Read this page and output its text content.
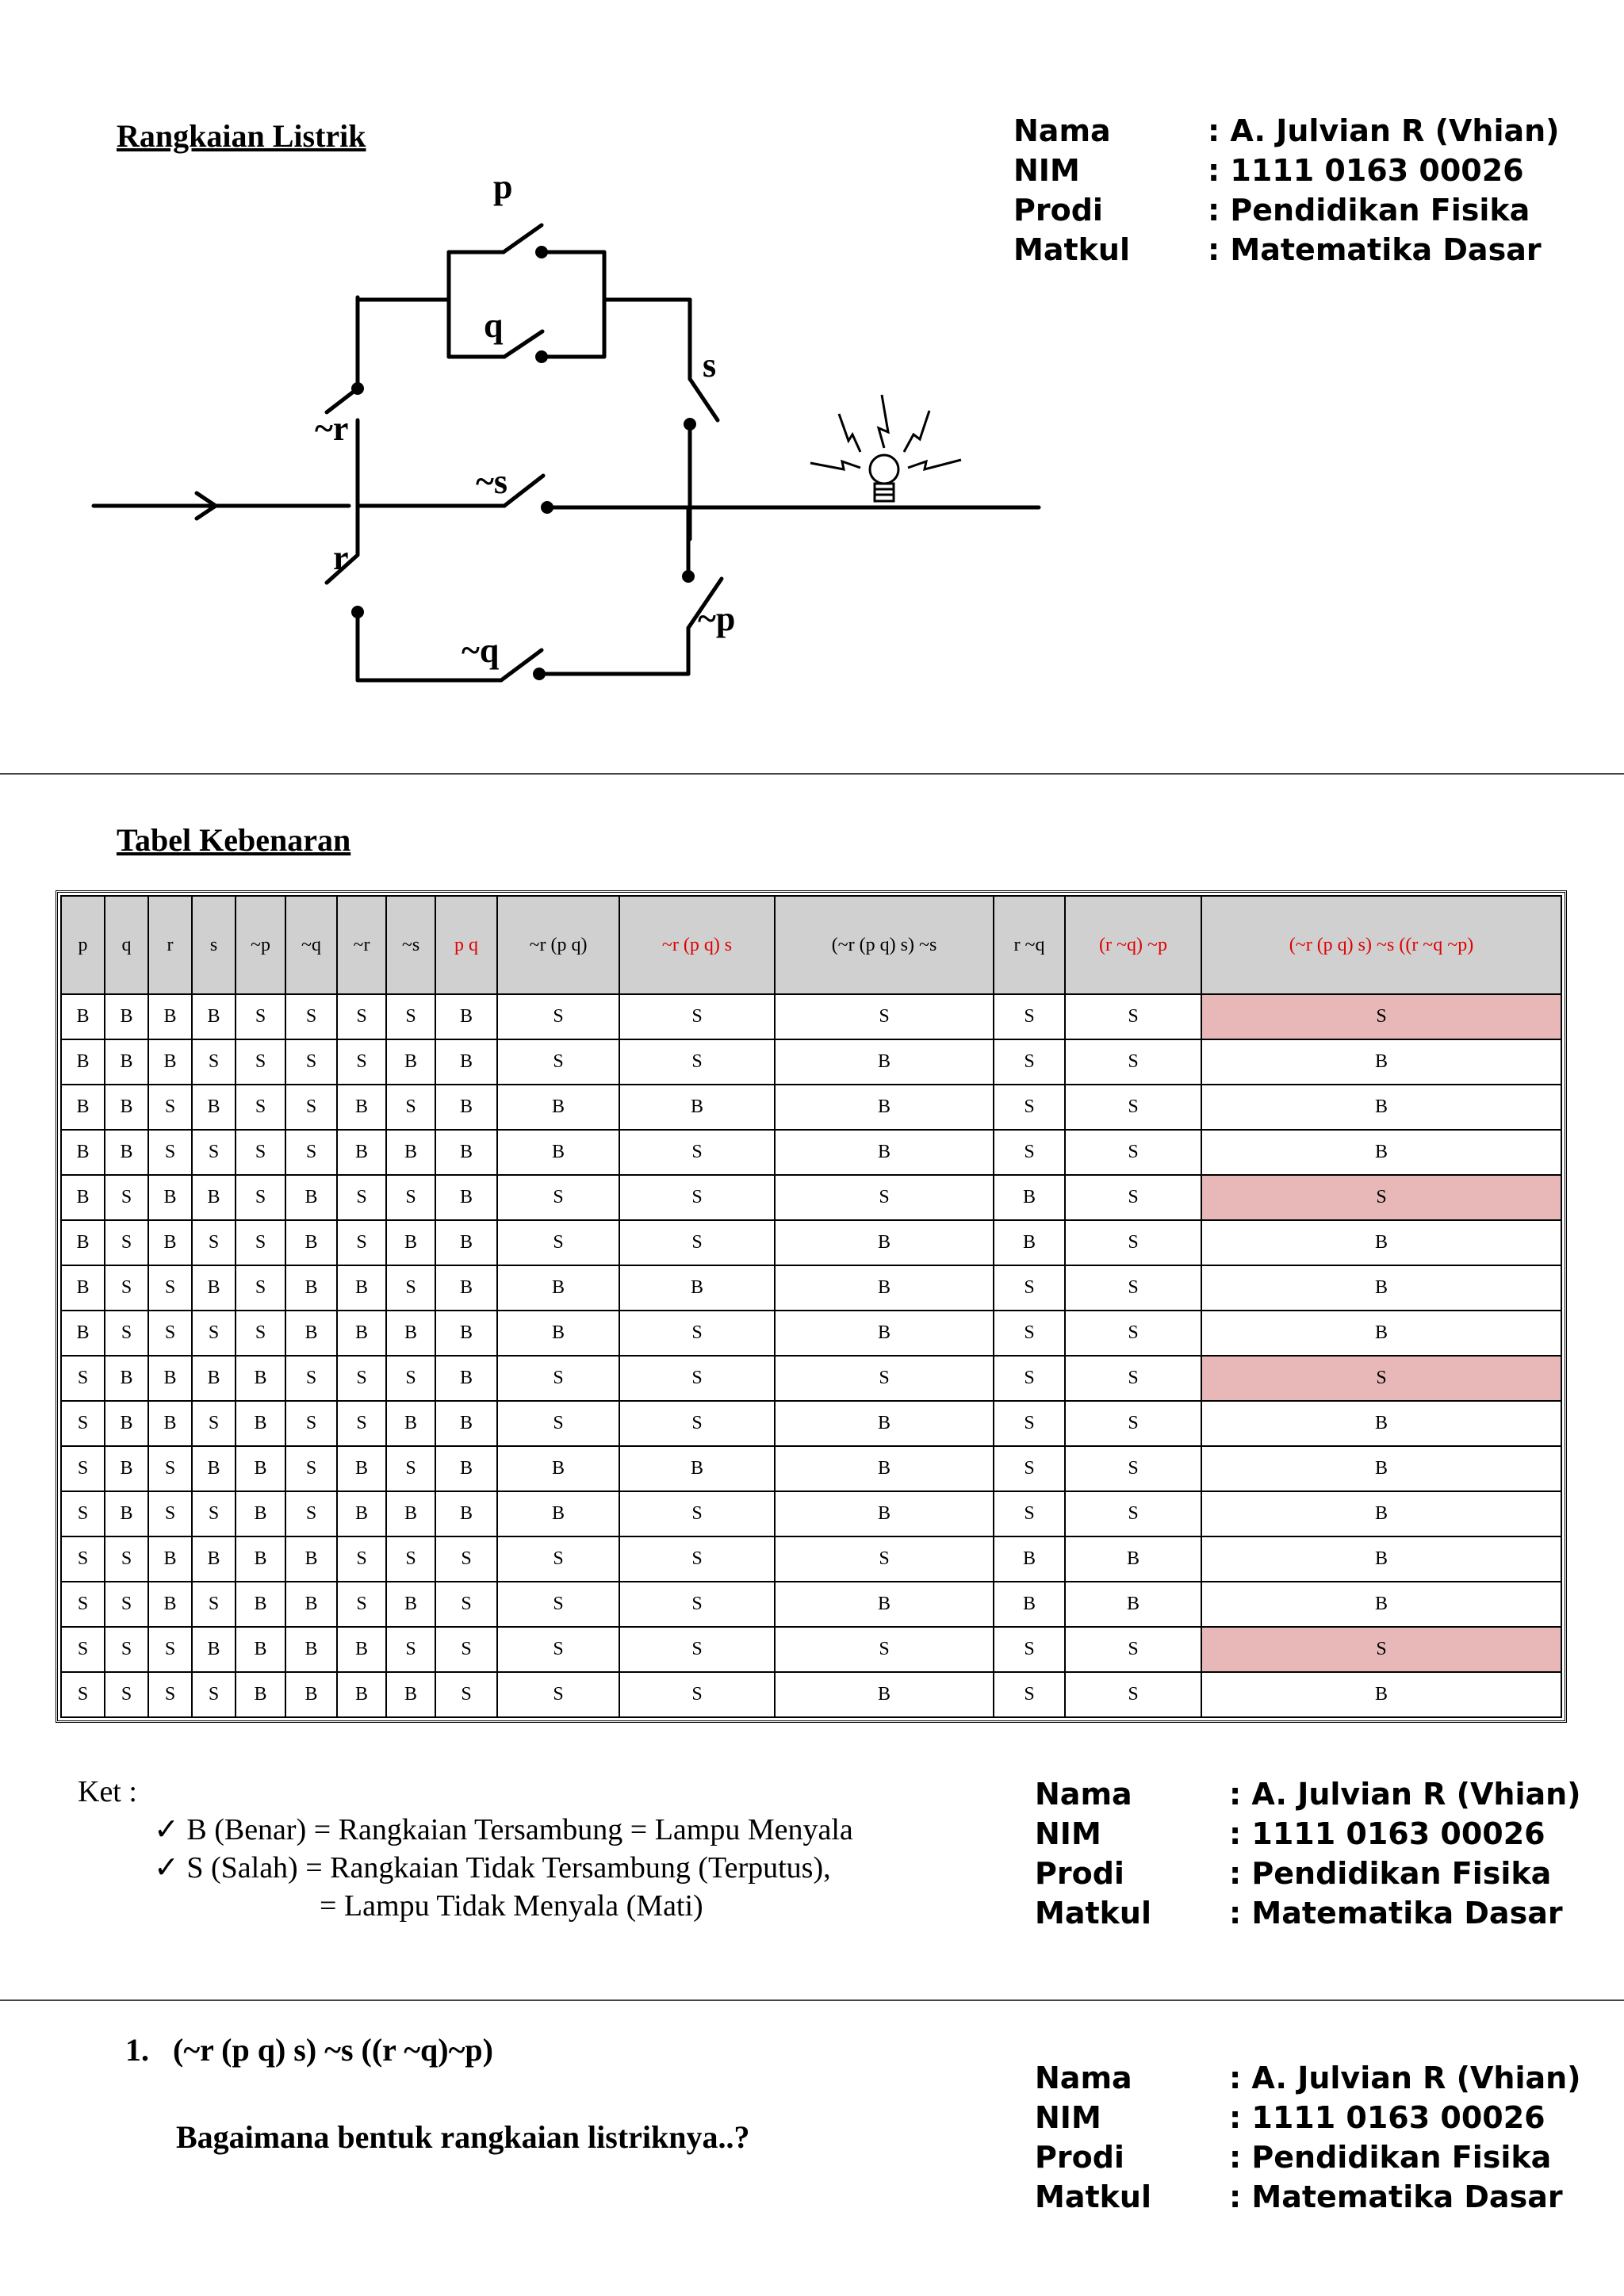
Rangkaian Listrik	Nama	: A. Julvian R (Vhian)
NIM	: 1111 0163 00026
Prodi	: Pendidikan Fisika
Matkul	: Matematika Dasar
p
q
s
~r
~s
r
~p
~q
Tabel Kebenaran
p	q	r	s	~p	~q	~r	~s	p q	~r (p q)	~r (p q) s	(~r (p q) s) ~s	r ~q	(r ~q) ~p	(~r (p q) s) ~s ((r ~q ~p)
B	B	B	B	S	S	S	S	B	S	S	S	S	S	S
B	B	B	S	S	S	S	B	B	S	S	B	S	S	B
B	B	S	B	S	S	B	S	B	B	B	B	S	S	B
B	B	S	S	S	S	B	B	B	B	S	B	S	S	B
B	S	B	B	S	B	S	S	B	S	S	S	B	S	S
B	S	B	S	S	B	S	B	B	S	S	B	B	S	B
B	S	S	B	S	B	B	S	B	B	B	B	S	S	B
B	S	S	S	S	B	B	B	B	B	S	B	S	S	B
S	B	B	B	B	S	S	S	B	S	S	S	S	S	S
S	B	B	S	B	S	S	B	B	S	S	B	S	S	B
S	B	S	B	B	S	B	S	B	B	B	B	S	S	B
S	B	S	S	B	S	B	B	B	B	S	B	S	S	B
S	S	B	B	B	B	S	S	S	S	S	S	B	B	B
S	S	B	S	B	B	S	B	S	S	S	B	B	B	B
S	S	S	B	B	B	B	S	S	S	S	S	S	S	S
S	S	S	S	B	B	B	B	S	S	S	B	S	S	B
Ket :
✓ B (Benar) = Rangkaian Tersambung = Lampu Menyala
✓ S (Salah) = Rangkaian Tidak Tersambung (Terputus),
= Lampu Tidak Menyala (Mati)
Nama	: A. Julvian R (Vhian)
NIM	: 1111 0163 00026
Prodi	: Pendidikan Fisika
Matkul	: Matematika Dasar
1. (~r (p q) s) ~s ((r ~q)~p)
Bagaimana bentuk rangkaian listriknya..?
Nama	: A. Julvian R (Vhian)
NIM	: 1111 0163 00026
Prodi	: Pendidikan Fisika
Matkul	: Matematika Dasar
